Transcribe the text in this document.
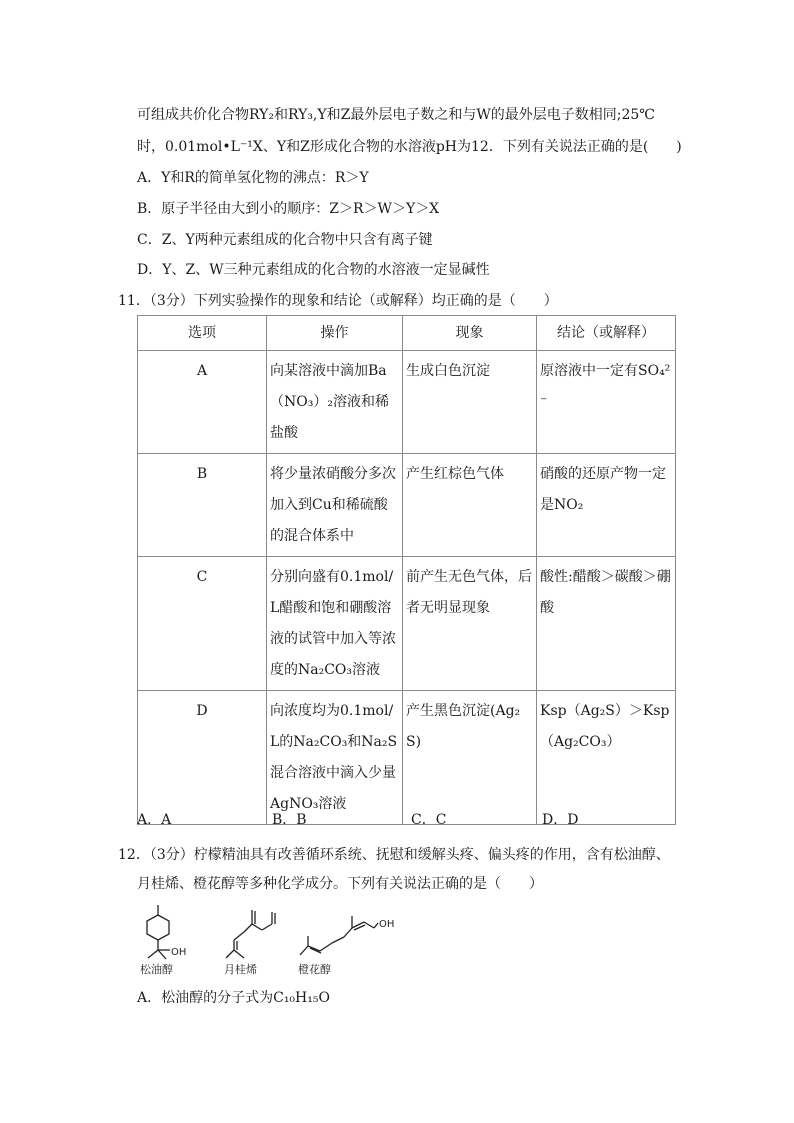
可组成共价化合物RY₂和RY₃,Y和Z最外层电子数之和与W的最外层电子数相同;25℃
时，0.01mol•L⁻¹X、Y和Z形成化合物的水溶液pH为12．下列有关说法正确的是(　　)
A．Y和R的简单氢化物的沸点：R＞Y
B．原子半径由大到小的顺序：Z＞R＞W＞Y＞X
C．Z、Y两种元素组成的化合物中只含有离子键
D．Y、Z、W三种元素组成的化合物的水溶液一定显碱性
11．（3分）下列实验操作的现象和结论（或解释）均正确的是（　　）
选项	操作	现象	结论（或解释）
A	向某溶液中滴加Ba（NO₃）₂溶液和稀盐酸	生成白色沉淀	原溶液中一定有SO₄²⁻
B	将少量浓硝酸分多次加入到Cu和稀硫酸的混合体系中	产生红棕色气体	硝酸的还原产物一定是NO₂
C	分别向盛有0.1mol/L醋酸和饱和硼酸溶液的试管中加入等浓度的Na₂CO₃溶液	前产生无色气体，后者无明显现象	酸性:醋酸＞碳酸＞硼酸
D	向浓度均为0.1mol/L的Na₂CO₃和Na₂S混合溶液中滴入少量AgNO₃溶液	产生黑色沉淀(Ag₂S)	Ksp（Ag₂S）＞Ksp（Ag₂CO₃）
A．A	B．B	C．C	D．D
12．（3分）柠檬精油具有改善循环系统、抚慰和缓解头疼、偏头疼的作用，含有松油醇、
月桂烯、橙花醇等多种化学成分。下列有关说法正确的是（　　）
OH
OH
松油醇	月桂烯	橙花醇
A．松油醇的分子式为C₁₀H₁₅O
